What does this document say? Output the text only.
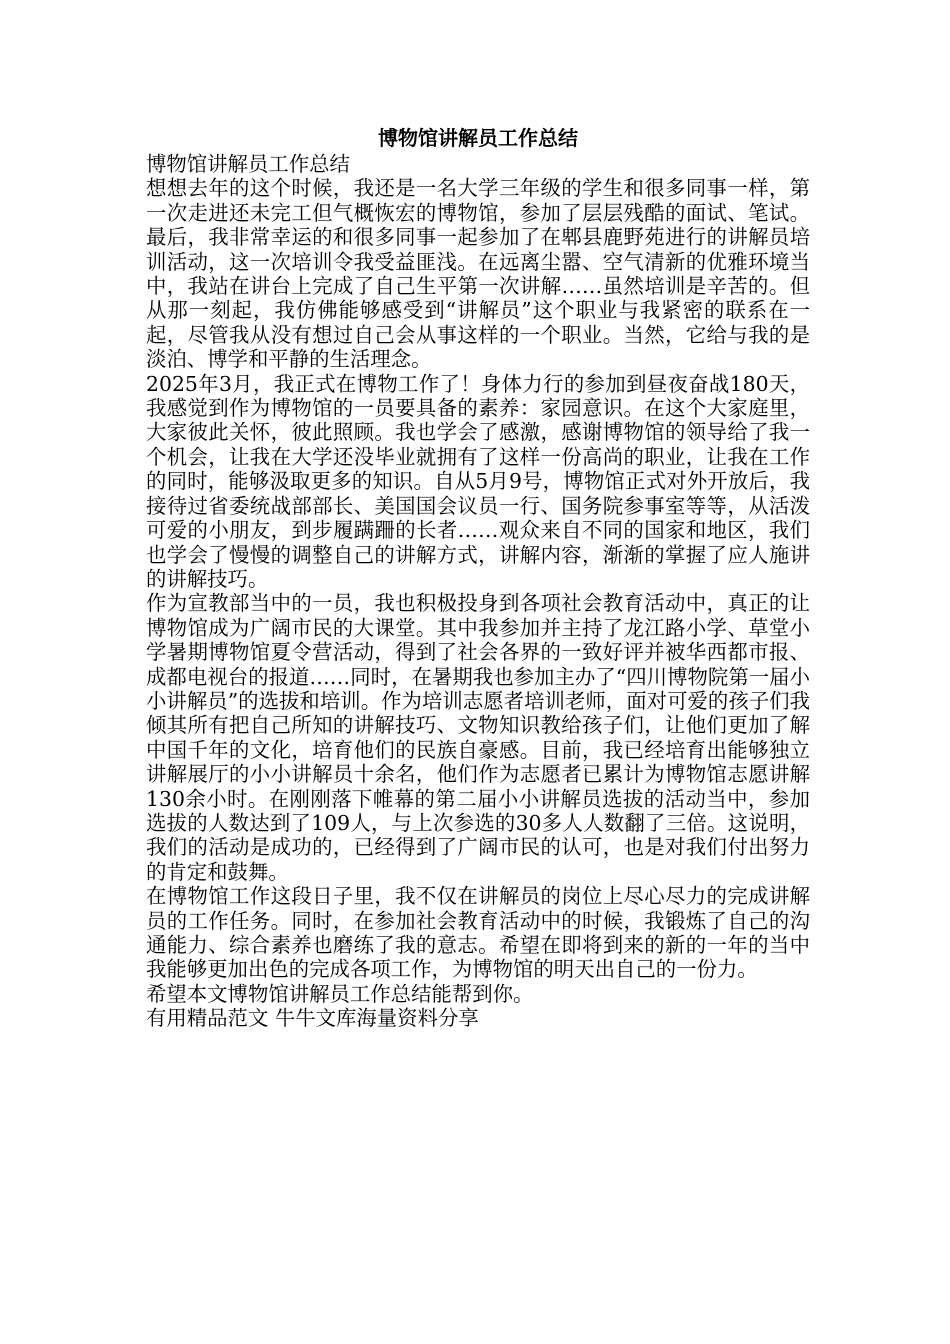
博物馆讲解员工作总结

博物馆讲解员工作总结

想想去年的这个时候，我还是一名大学三年级的学生和很多同事一样，第一次走进还未完工但气概恢宏的博物馆，参加了层层残酷的面试、笔试。最后，我非常幸运的和很多同事一起参加了在郫县鹿野苑进行的讲解员培训活动，这一次培训令我受益匪浅。在远离尘嚣、空气清新的优雅环境当中，我站在讲台上完成了自己生平第一次讲解……虽然培训是辛苦的。但从那一刻起，我仿佛能够感受到“讲解员”这个职业与我紧密的联系在一起，尽管我从没有想过自己会从事这样的一个职业。当然，它给与我的是淡泊、博学和平静的生活理念。

2025年3月，我正式在博物工作了！身体力行的参加到昼夜奋战180天，我感觉到作为博物馆的一员要具备的素养：家园意识。在这个大家庭里，大家彼此关怀，彼此照顾。我也学会了感激，感谢博物馆的领导给了我一个机会，让我在大学还没毕业就拥有了这样一份高尚的职业，让我在工作的同时，能够汲取更多的知识。自从5月9号，博物馆正式对外开放后，我接待过省委统战部部长、美国国会议员一行、国务院参事室等等，从活泼可爱的小朋友，到步履蹒跚的长者……观众来自不同的国家和地区，我们也学会了慢慢的调整自己的讲解方式，讲解内容，渐渐的掌握了应人施讲的讲解技巧。

作为宣教部当中的一员，我也积极投身到各项社会教育活动中，真正的让博物馆成为广阔市民的大课堂。其中我参加并主持了龙江路小学、草堂小学暑期博物馆夏令营活动，得到了社会各界的一致好评并被华西都市报、成都电视台的报道……同时，在暑期我也参加主办了“四川博物院第一届小小讲解员”的选拔和培训。作为培训志愿者培训老师，面对可爱的孩子们我倾其所有把自己所知的讲解技巧、文物知识教给孩子们，让他们更加了解中国千年的文化，培育他们的民族自豪感。目前，我已经培育出能够独立讲解展厅的小小讲解员十余名，他们作为志愿者已累计为博物馆志愿讲解130余小时。在刚刚落下帷幕的第二届小小讲解员选拔的活动当中，参加选拔的人数达到了109人，与上次参选的30多人人数翻了三倍。这说明，我们的活动是成功的，已经得到了广阔市民的认可，也是对我们付出努力的肯定和鼓舞。

在博物馆工作这段日子里，我不仅在讲解员的岗位上尽心尽力的完成讲解员的工作任务。同时，在参加社会教育活动中的时候，我锻炼了自己的沟通能力、综合素养也磨练了我的意志。希望在即将到来的新的一年的当中我能够更加出色的完成各项工作，为博物馆的明天出自己的一份力。

希望本文博物馆讲解员工作总结能帮到你。

有用精品范文 牛牛文库海量资料分享
